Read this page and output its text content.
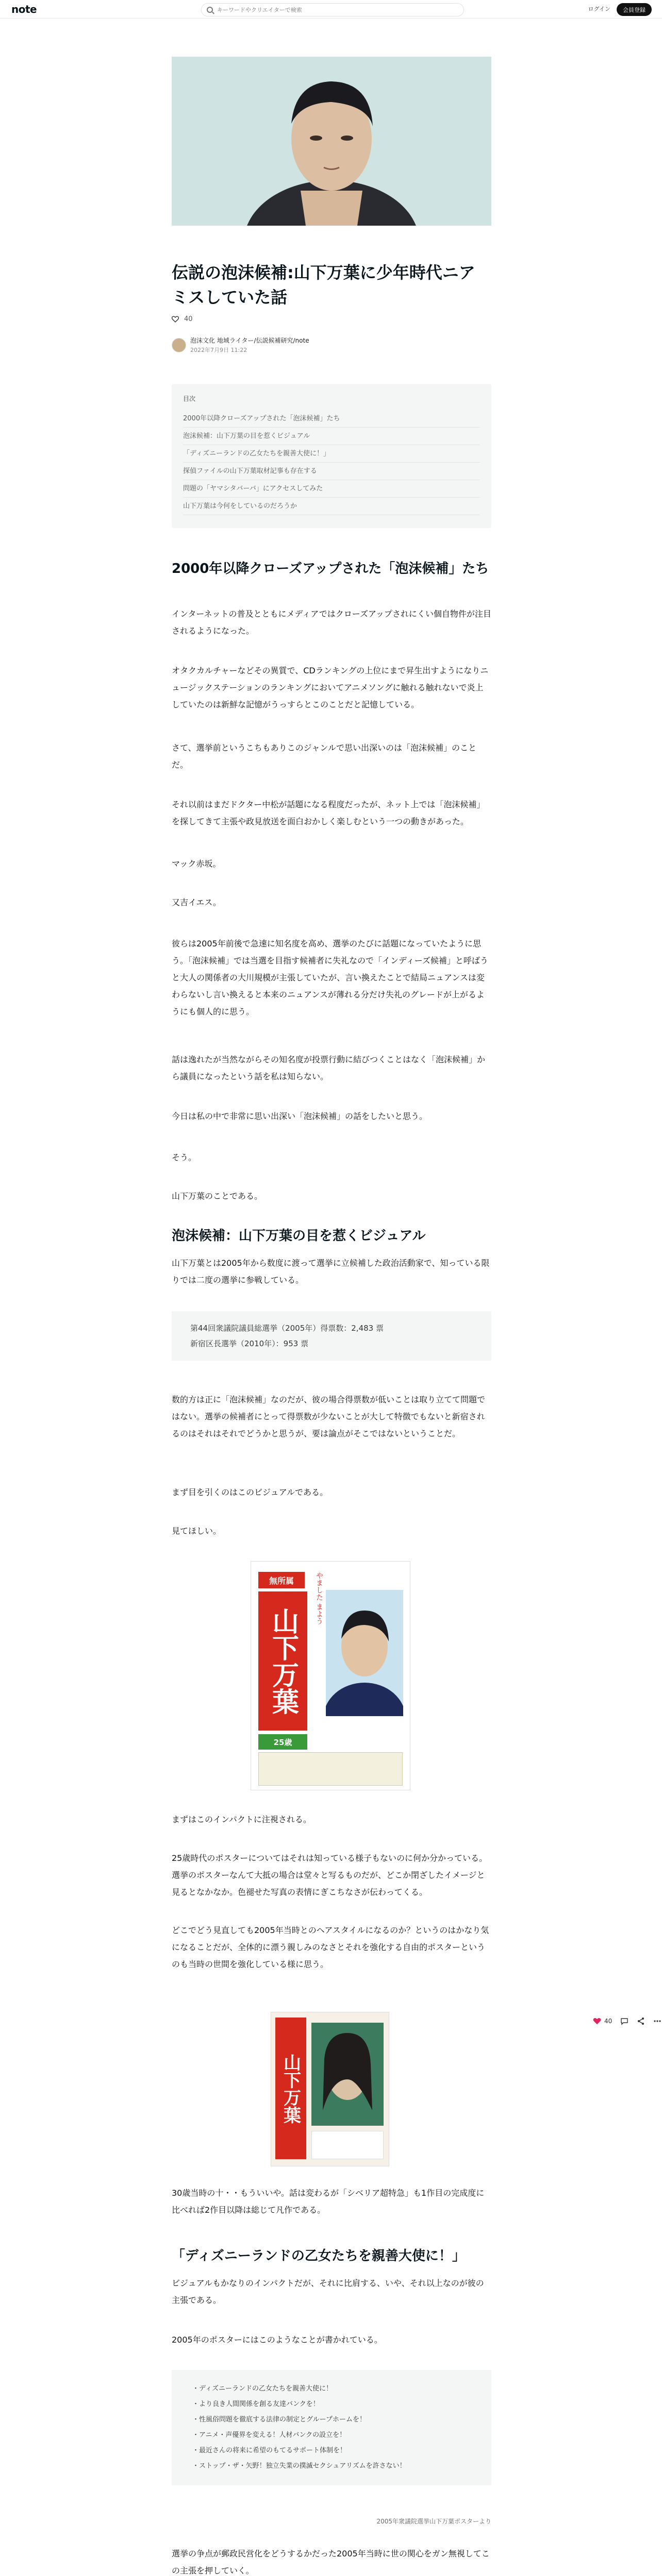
note
キーワードやクリエイターで検索	ログイン	会員登録
伝説の泡沫候補:山下万葉に少年時代ニアミスしていた話
40
泡沫文化 地域ライター/伝説候補研究/note
2022年7月9日 11:22
目次
2000年以降クローズアップされた「泡沫候補」たち
泡沫候補：山下万葉の目を惹くビジュアル
「ディズニーランドの乙女たちを親善大使に！」
探偵ファイルの山下万葉取材記事も存在する
問題の「ヤマシタバーバ」にアクセスしてみた
山下万葉は今何をしているのだろうか
2000年以降クローズアップされた「泡沫候補」たち

インターネットの普及とともにメディアではクローズアップされにくい個自物件が注目されるようになった。

オタクカルチャーなどその異質で、CDランキングの上位にまで昇生出すようになりニュージックステーションのランキングにおいてアニメソングに触れる触れないで炎上していたのは新鮮な記憶がうっすらとこのことだと記憶している。

さて、選挙前というこちもありこのジャンルで思い出深いのは「泡沫候補」のことだ。

それ以前はまだドクター中松が話題になる程度だったが、ネット上では「泡沫候補」を探してきて主張や政見放送を面白おかしく楽しむという一つの動きがあった。

マック赤坂。

又吉イエス。

彼らは2005年前後で急速に知名度を高め、選挙のたびに話題になっていたように思う。「泡沫候補」では当選を目指す候補者に失礼なので「インディーズ候補」と呼ばうと大人の関係者の大川規模が主張していたが、言い換えたことで結局ニュアンスは変わらないし言い換えると本来のニュアンスが薄れる分だけ失礼のグレードが上がるようにも個人的に思う。

話は逸れたが当然ながらその知名度が投票行動に結びつくことはなく「泡沫候補」から議員になったという話を私は知らない。

今日は私の中で非常に思い出深い「泡沫候補」の話をしたいと思う。

そう。

山下万葉のことである。

泡沫候補：山下万葉の目を惹くビジュアル

山下万葉とは2005年から数度に渡って選挙に立候補した政治活動家で、知っている限りでは二度の選挙に参戦している。

第44回衆議院議員総選挙（2005年）得票数：2,483 票
新宿区長選挙（2010年）：953 票

数的方は正に「泡沫候補」なのだが、彼の場合得票数が低いことは取り立てて問題ではない。選挙の候補者にとって得票数が少ないことが大して特徴でもないと新宿されるのはそれはそれでどうかと思うが、要は論点がそこではないということだ。

まず目を引くのはこのビジュアルである。

見てほしい。

無所属
山下万葉
25歳
やました まよう

まずはこのインパクトに注視される。

25歳時代のポスターについてはそれは知っている様子もないのに何か分かっている。選挙のポスターなんて大抵の場合は堂々と写るものだが、どこか閉ざしたイメージと見るとなかなか。色褪せた写真の表情にぎこちなさが伝わってくる。

どこでどう見直しても2005年当時とのヘアスタイルになるのか？というのはかなり気になることだが、全体的に漂う親しみのなさとそれを強化する自由的ポスターというのも当時の世間を強化している様に思う。

山下万葉

30歳当時の十・・もういいや。話は変わるが「シベリア超特急」も1作目の完成度に比べれば2作目以降は総じて凡作である。

「ディズニーランドの乙女たちを親善大使に！」

ビジュアルもかなりのインパクトだが、それに比肩する、いや、それ以上なのが彼の主張である。

2005年のポスターにはこのようなことが書かれている。

・ディズニーランドの乙女たちを親善大使に！
・より良き人間関係を創る友達バンクを！
・性風俗問題を徹底する法律の制定とグループホームを！
・アニメ・声優界を変える！人材バンクの設立を！
・最近さんの将来に希望のもてるサポート体制を！
・ストップ・ザ・矢野！独立失業の撲滅セクシュアリズムを許さない！
2005年衆議院選挙山下万葉ポスターより

選挙の争点が郵政民営化をどうするかだった2005年当時に世の関心をガン無視してこの主張を押していく。

40
